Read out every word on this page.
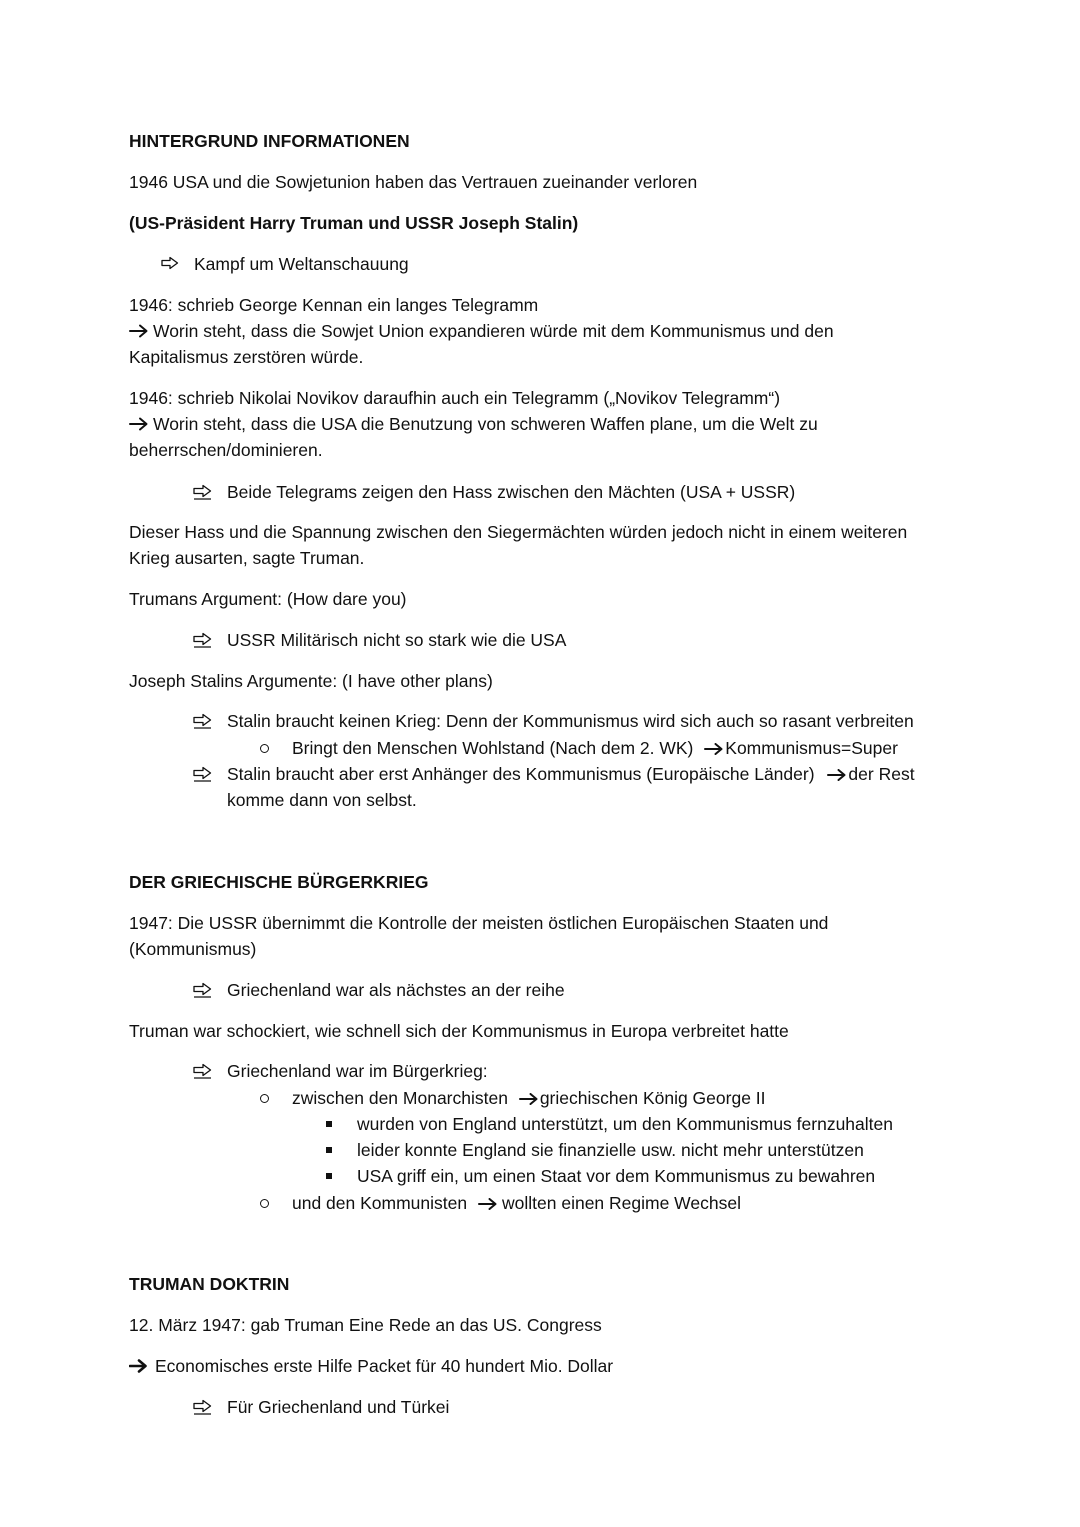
HINTERGRUND INFORMATIONEN
1946 USA und die Sowjetunion haben das Vertrauen zueinander verloren
(US-Präsident Harry Truman und USSR Joseph Stalin)
Kampf um Weltanschauung
1946: schrieb George Kennan ein langes Telegramm
Worin steht, dass die Sowjet Union expandieren würde mit dem Kommunismus und den
Kapitalismus zerstören würde.
1946: schrieb Nikolai Novikov daraufhin auch ein Telegramm („Novikov Telegramm“)
Worin steht, dass die USA die Benutzung von schweren Waffen plane, um die Welt zu
beherrschen/dominieren.
Beide Telegrams zeigen den Hass zwischen den Mächten (USA + USSR)
Dieser Hass und die Spannung zwischen den Siegermächten würden jedoch nicht in einem weiteren
Krieg ausarten, sagte Truman.
Trumans Argument: (How dare you)
USSR Militärisch nicht so stark wie die USA
Joseph Stalins Argumente: (I have other plans)
Stalin braucht keinen Krieg: Denn der Kommunismus wird sich auch so rasant verbreiten
Bringt den Menschen Wohlstand (Nach dem 2. WK) Kommunismus=Super
Stalin braucht aber erst Anhänger des Kommunismus (Europäische Länder) der Rest
komme dann von selbst.
DER GRIECHISCHE BÜRGERKRIEG
1947: Die USSR übernimmt die Kontrolle der meisten östlichen Europäischen Staaten und
(Kommunismus)
Griechenland war als nächstes an der reihe
Truman war schockiert, wie schnell sich der Kommunismus in Europa verbreitet hatte
Griechenland war im Bürgerkrieg:
zwischen den Monarchisten griechischen König George II
wurden von England unterstützt, um den Kommunismus fernzuhalten
leider konnte England sie finanzielle usw. nicht mehr unterstützen
USA griff ein, um einen Staat vor dem Kommunismus zu bewahren
und den Kommunisten wollten einen Regime Wechsel
TRUMAN DOKTRIN
12. März 1947: gab Truman Eine Rede an das US. Congress
Economisches erste Hilfe Packet für 40 hundert Mio. Dollar
Für Griechenland und Türkei
